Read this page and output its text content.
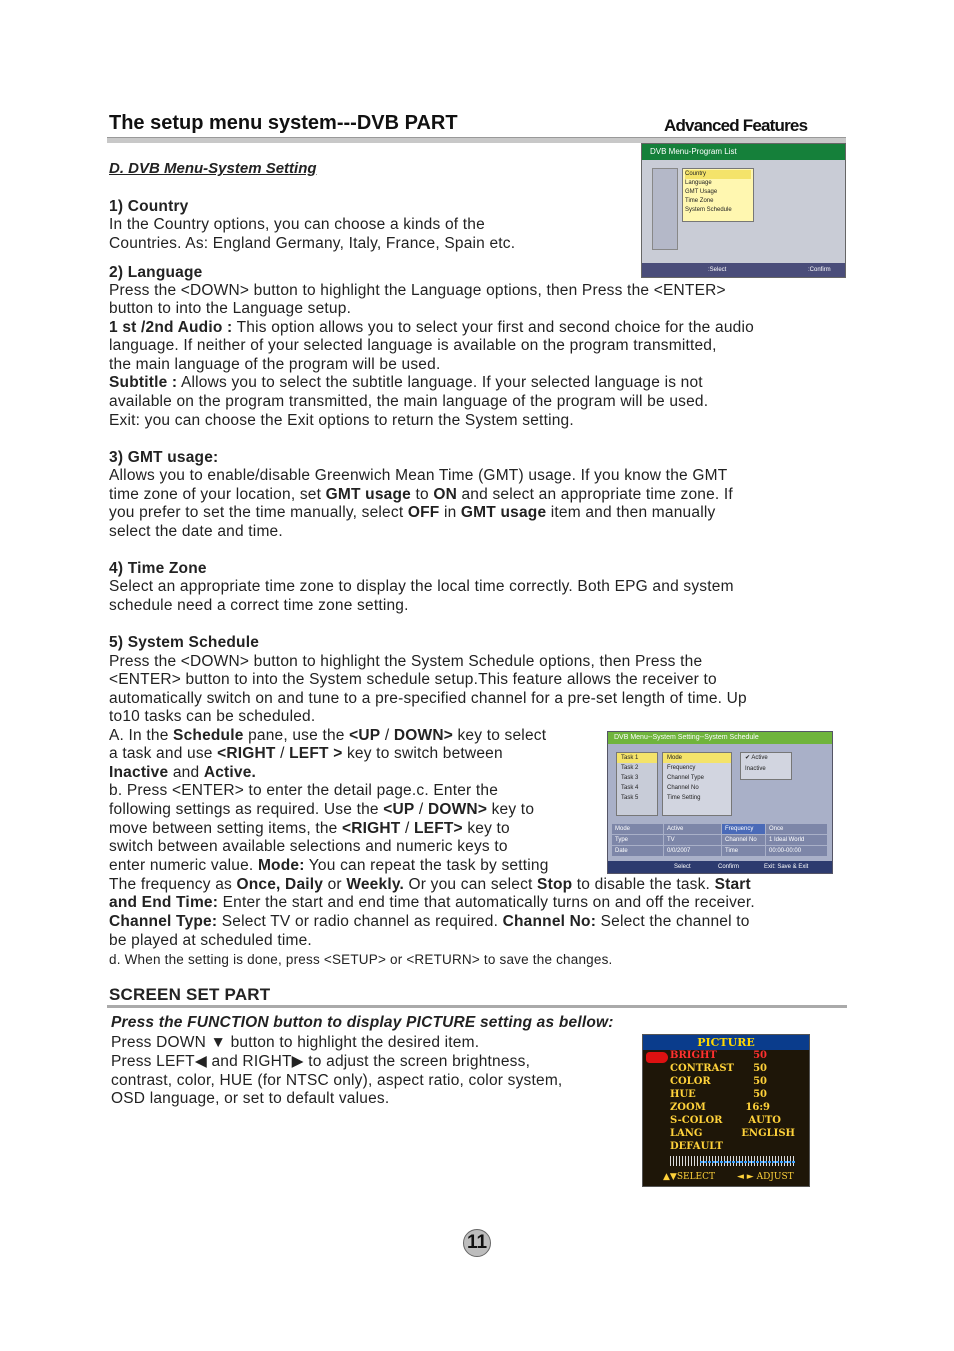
The setup menu system---DVB PART	Advanced Features
D. DVB Menu-System Setting
1) Country
In the Country options, you can choose a kinds of the
Countries. As: England Germany, Italy, France, Spain etc.
2) Language
Press the <DOWN> button to highlight the Language options, then Press the <ENTER>
button to into the Language setup.
1 st /2nd Audio : This option allows you to select your first and second choice for the audio
language. If neither of your selected language is available on the program transmitted,
the main language of the program will be used.
Subtitle : Allows you to select the subtitle language. If your selected language is not
available on the program transmitted, the main language of the program will be used.
Exit: you can choose the Exit options to return the System setting.
3) GMT usage:
Allows you to enable/disable Greenwich Mean Time (GMT) usage. If you know the GMT
time zone of your location, set GMT usage to ON and select an appropriate time zone. If
you prefer to set the time manually, select OFF in GMT usage item and then manually
select the date and time.
4) Time Zone
Select an appropriate time zone to display the local time correctly. Both EPG and system
schedule need a correct time zone setting.
5) System Schedule
Press the <DOWN> button to highlight the System Schedule options, then Press the
<ENTER> button to into the System schedule setup.This feature allows the receiver to
automatically switch on and tune to a pre-specified channel for a pre-set length of time. Up
to10 tasks can be scheduled.
A. In the Schedule pane, use the <UP / DOWN> key to select
a task and use <RIGHT / LEFT > key to switch between
Inactive and Active.
b. Press <ENTER> to enter the detail page.c. Enter the
following settings as required. Use the <UP / DOWN> key to
move between setting items, the <RIGHT / LEFT> key to
switch between available selections and numeric keys to
enter numeric value. Mode: You can repeat the task by setting
The frequency as Once, Daily or Weekly. Or you can select Stop to disable the task. Start
and End Time: Enter the start and end time that automatically turns on and off the receiver.
Channel Type: Select TV or radio channel as required. Channel No: Select the channel to
be played at scheduled time.
d. When the setting is done, press <SETUP> or <RETURN> to save the changes.
SCREEN SET PART
Press the FUNCTION button to display PICTURE setting as bellow:
Press DOWN ▼ button to highlight the desired item.
Press LEFT◀ and RIGHT▶ to adjust the screen brightness,
contrast, color, HUE (for NTSC only), aspect ratio, color system,
OSD language, or set to default values.
DVB Menu-Program List
Country
Language
GMT Usage
Time Zone
System Schedule
:Select	:Confirm
DVB Menu--System Setting--System Schedule
Task 1
Task 2
Task 3
Task 4
Task 5
Mode
Frequency
Channel Type
Channel No
Time Setting
✔ Active
Inactive
Mode	Active	Frequency	Once
Type	TV	Channel No	1 Ideal World
Date	0/0/2007	Time	00:00-00:00
Select	Confirm	Exit: Save & Exit
PICTURE
BRIGHT	50
CONTRAST 50
COLOR	50
HUE	50
ZOOM	16:9
S-COLOR	AUTO
LANG	ENGLISH
DEFAULT
▲▼SELECT ◄ ► ADJUST
11
